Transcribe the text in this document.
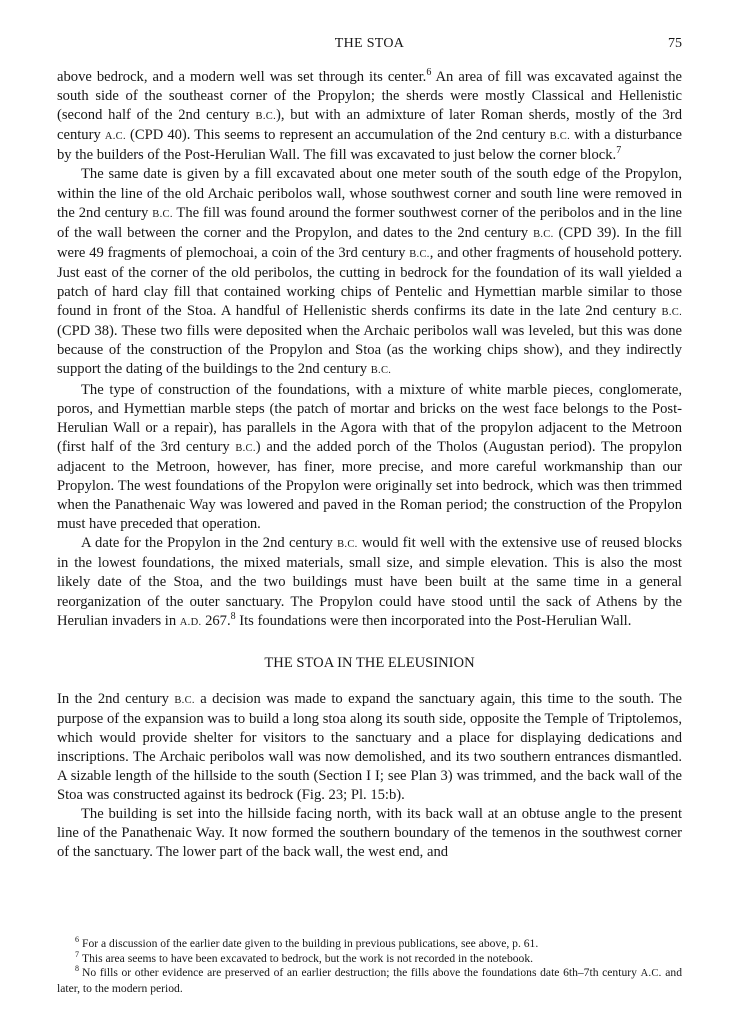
THE STOA	75

above bedrock, and a modern well was set through its center.$^6$ An area of fill was excavated against the south side of the southeast corner of the Propylon; the sherds were mostly Classical and Hellenistic (second half of the 2nd century B.C.), but with an admixture of later Roman sherds, mostly of the 3rd century A.C. (CPD 40). This seems to represent an accumulation of the 2nd century B.C. with a disturbance by the builders of the Post-Herulian Wall. The fill was excavated to just below the corner block.$^7$

The same date is given by a fill excavated about one meter south of the south edge of the Propylon, within the line of the old Archaic peribolos wall, whose southwest corner and south line were removed in the 2nd century B.C. The fill was found around the former southwest corner of the peribolos and in the line of the wall between the corner and the Propylon, and dates to the 2nd century B.C. (CPD 39). In the fill were 49 fragments of plemochoai, a coin of the 3rd century B.C., and other fragments of household pottery. Just east of the corner of the old peribolos, the cutting in bedrock for the foundation of its wall yielded a patch of hard clay fill that contained working chips of Pentelic and Hymettian marble similar to those found in front of the Stoa. A handful of Hellenistic sherds confirms its date in the late 2nd century B.C. (CPD 38). These two fills were deposited when the Archaic peribolos wall was leveled, but this was done because of the construction of the Propylon and Stoa (as the working chips show), and they indirectly support the dating of the buildings to the 2nd century B.C.

The type of construction of the foundations, with a mixture of white marble pieces, conglomerate, poros, and Hymettian marble steps (the patch of mortar and bricks on the west face belongs to the Post-Herulian Wall or a repair), has parallels in the Agora with that of the propylon adjacent to the Metroon (first half of the 3rd century B.C.) and the added porch of the Tholos (Augustan period). The propylon adjacent to the Metroon, however, has finer, more precise, and more careful workmanship than our Propylon. The west foundations of the Propylon were originally set into bedrock, which was then trimmed when the Panathenaic Way was lowered and paved in the Roman period; the construction of the Propylon must have preceded that operation.

A date for the Propylon in the 2nd century B.C. would fit well with the extensive use of reused blocks in the lowest foundations, the mixed materials, small size, and simple elevation. This is also the most likely date of the Stoa, and the two buildings must have been built at the same time in a general reorganization of the outer sanctuary. The Propylon could have stood until the sack of Athens by the Herulian invaders in A.D. 267.$^8$ Its foundations were then incorporated into the Post-Herulian Wall.

THE STOA IN THE ELEUSINION

In the 2nd century B.C. a decision was made to expand the sanctuary again, this time to the south. The purpose of the expansion was to build a long stoa along its south side, opposite the Temple of Triptolemos, which would provide shelter for visitors to the sanctuary and a place for displaying dedications and inscriptions. The Archaic peribolos wall was now demolished, and its two southern entrances dismantled. A sizable length of the hillside to the south (Section I I; see Plan 3) was trimmed, and the back wall of the Stoa was constructed against its bedrock (Fig. 23; Pl. 15:b).

The building is set into the hillside facing north, with its back wall at an obtuse angle to the present line of the Panathenaic Way. It now formed the southern boundary of the temenos in the southwest corner of the sanctuary. The lower part of the back wall, the west end, and

$^6$ For a discussion of the earlier date given to the building in previous publications, see above, p. 61.

$^7$ This area seems to have been excavated to bedrock, but the work is not recorded in the notebook.

$^8$ No fills or other evidence are preserved of an earlier destruction; the fills above the foundations date 6th–7th century A.C. and later, to the modern period.
